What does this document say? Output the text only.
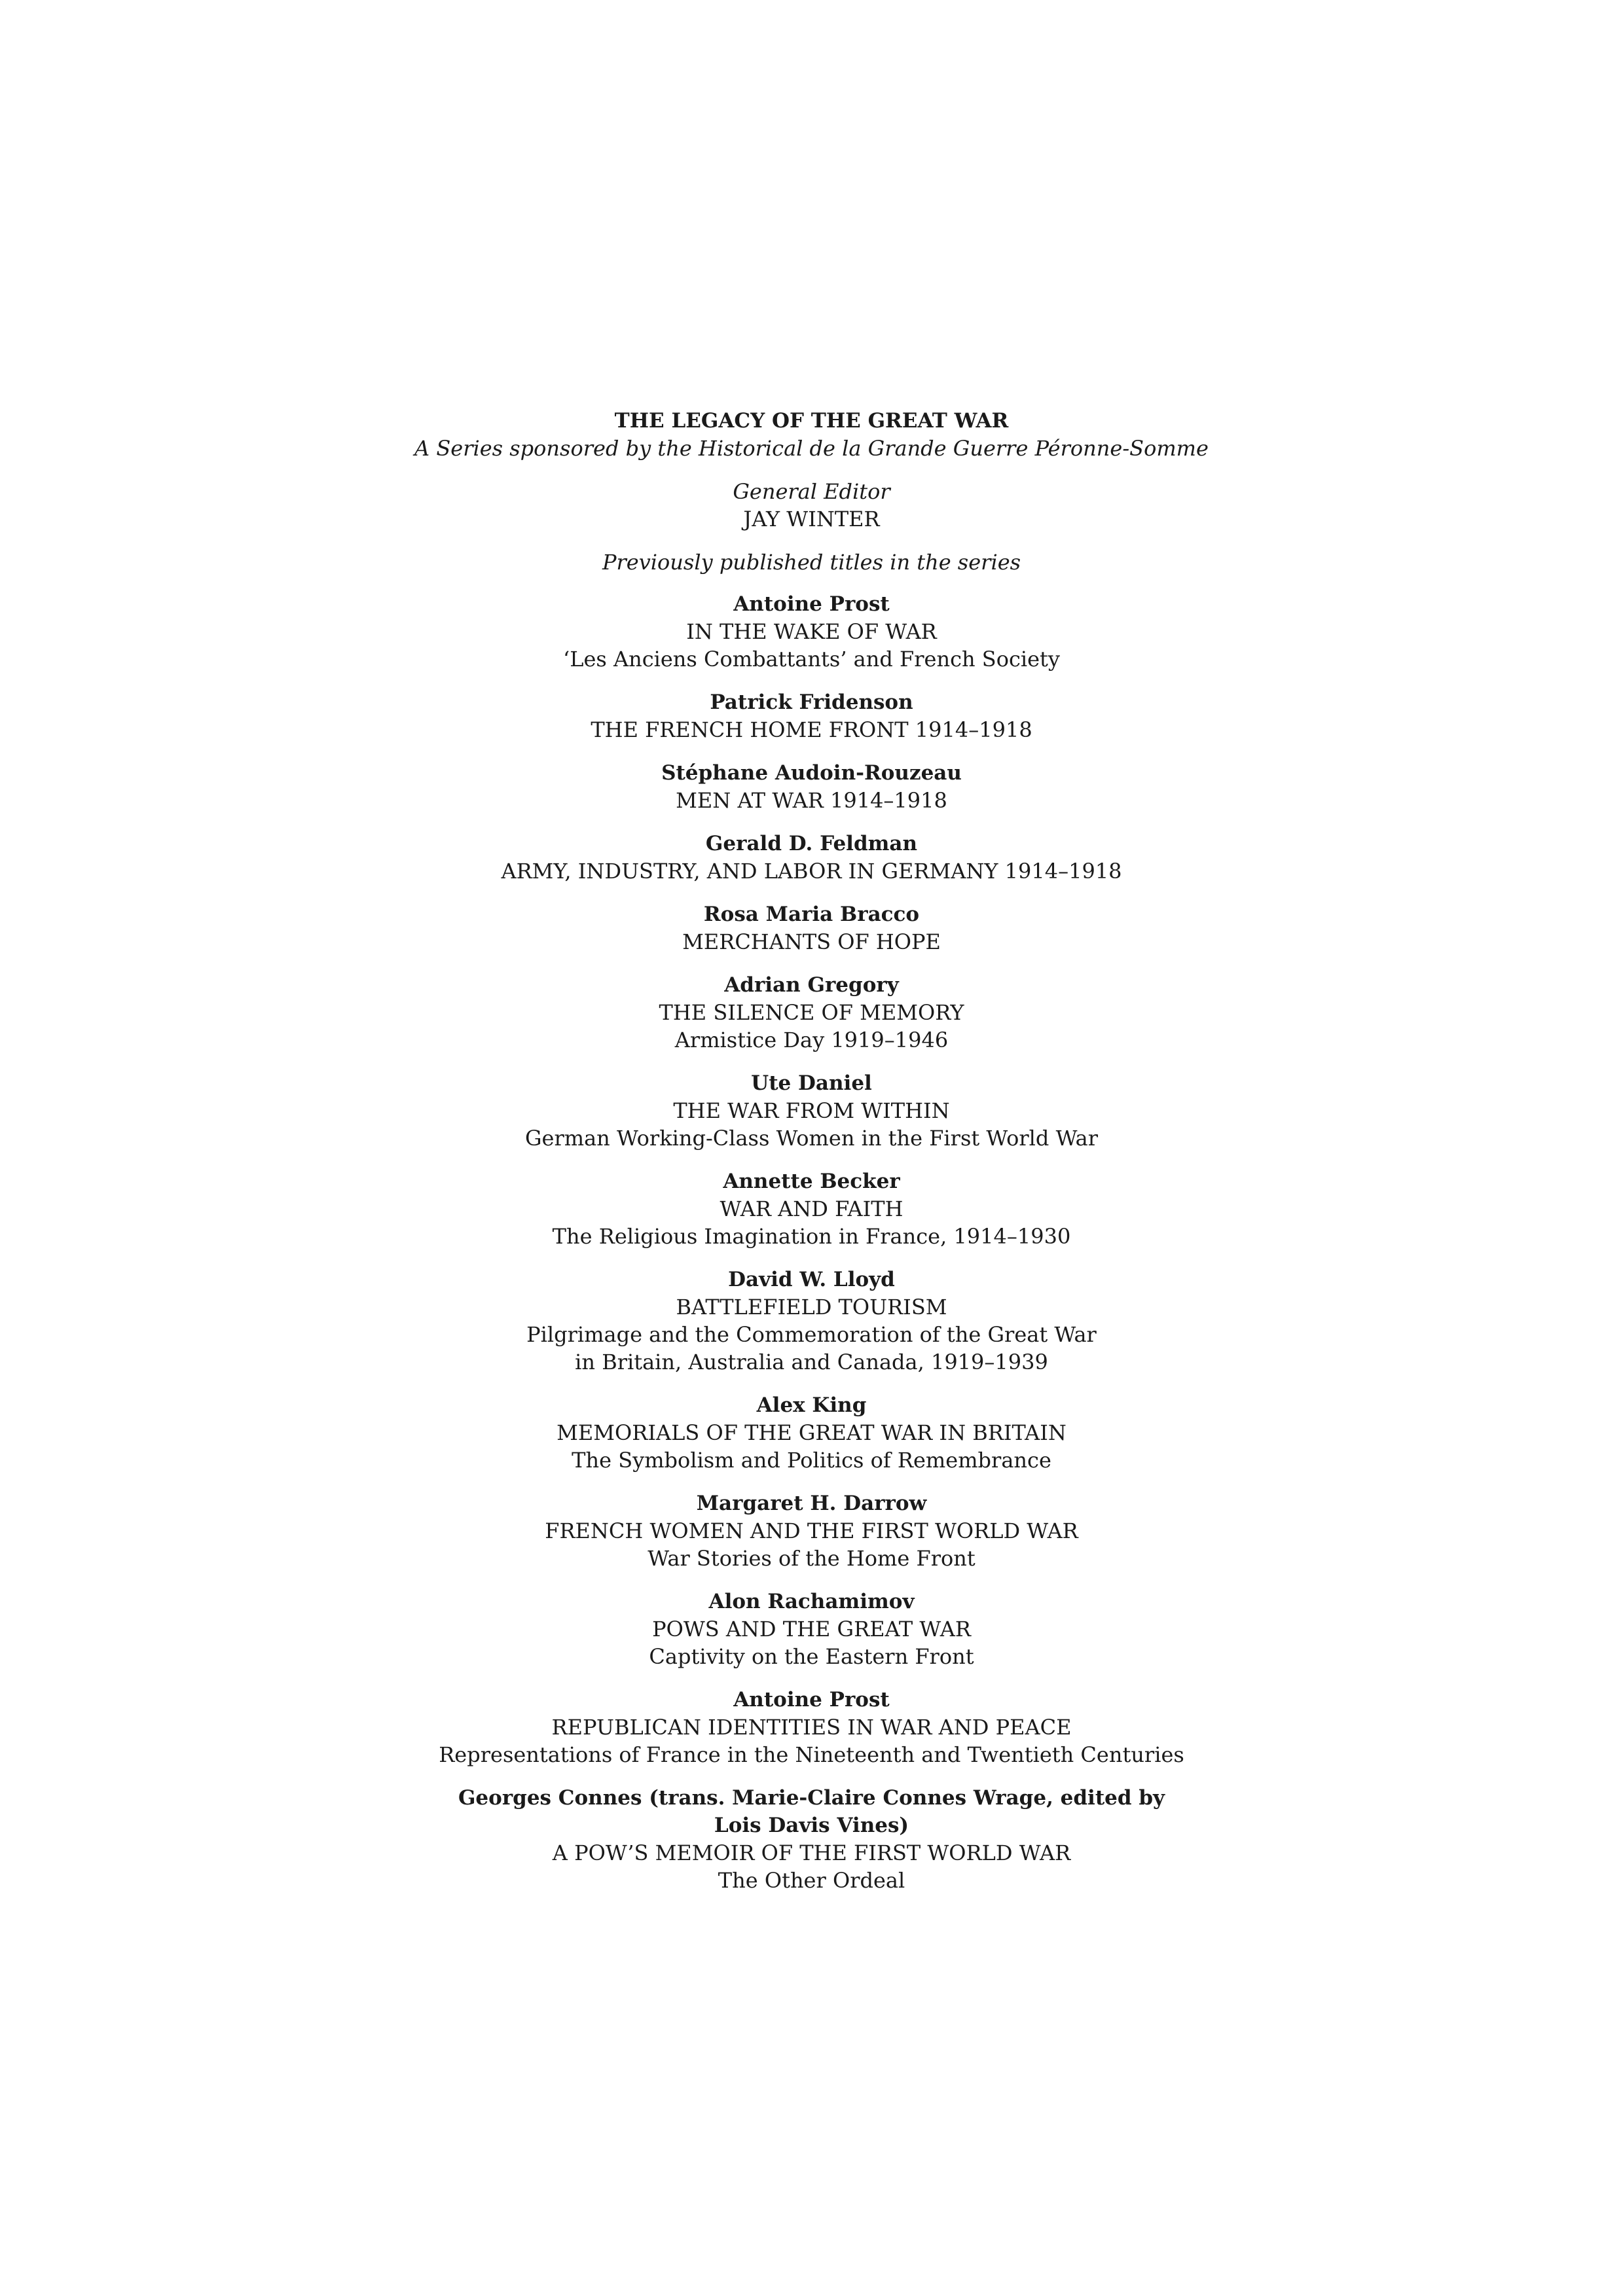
THE LEGACY OF THE GREAT WAR
A Series sponsored by the Historical de la Grande Guerre Péronne-Somme
General Editor
JAY WINTER
Previously published titles in the series
Antoine Prost
IN THE WAKE OF WAR
‘Les Anciens Combattants’ and French Society
Patrick Fridenson
THE FRENCH HOME FRONT 1914–1918
Stéphane Audoin-Rouzeau
MEN AT WAR 1914–1918
Gerald D. Feldman
ARMY, INDUSTRY, AND LABOR IN GERMANY 1914–1918
Rosa Maria Bracco
MERCHANTS OF HOPE
Adrian Gregory
THE SILENCE OF MEMORY
Armistice Day 1919–1946
Ute Daniel
THE WAR FROM WITHIN
German Working-Class Women in the First World War
Annette Becker
WAR AND FAITH
The Religious Imagination in France, 1914–1930
David W. Lloyd
BATTLEFIELD TOURISM
Pilgrimage and the Commemoration of the Great War
in Britain, Australia and Canada, 1919–1939
Alex King
MEMORIALS OF THE GREAT WAR IN BRITAIN
The Symbolism and Politics of Remembrance
Margaret H. Darrow
FRENCH WOMEN AND THE FIRST WORLD WAR
War Stories of the Home Front
Alon Rachamimov
POWS AND THE GREAT WAR
Captivity on the Eastern Front
Antoine Prost
REPUBLICAN IDENTITIES IN WAR AND PEACE
Representations of France in the Nineteenth and Twentieth Centuries
Georges Connes (trans. Marie-Claire Connes Wrage, edited by Lois Davis Vines)
A POW’S MEMOIR OF THE FIRST WORLD WAR
The Other Ordeal
